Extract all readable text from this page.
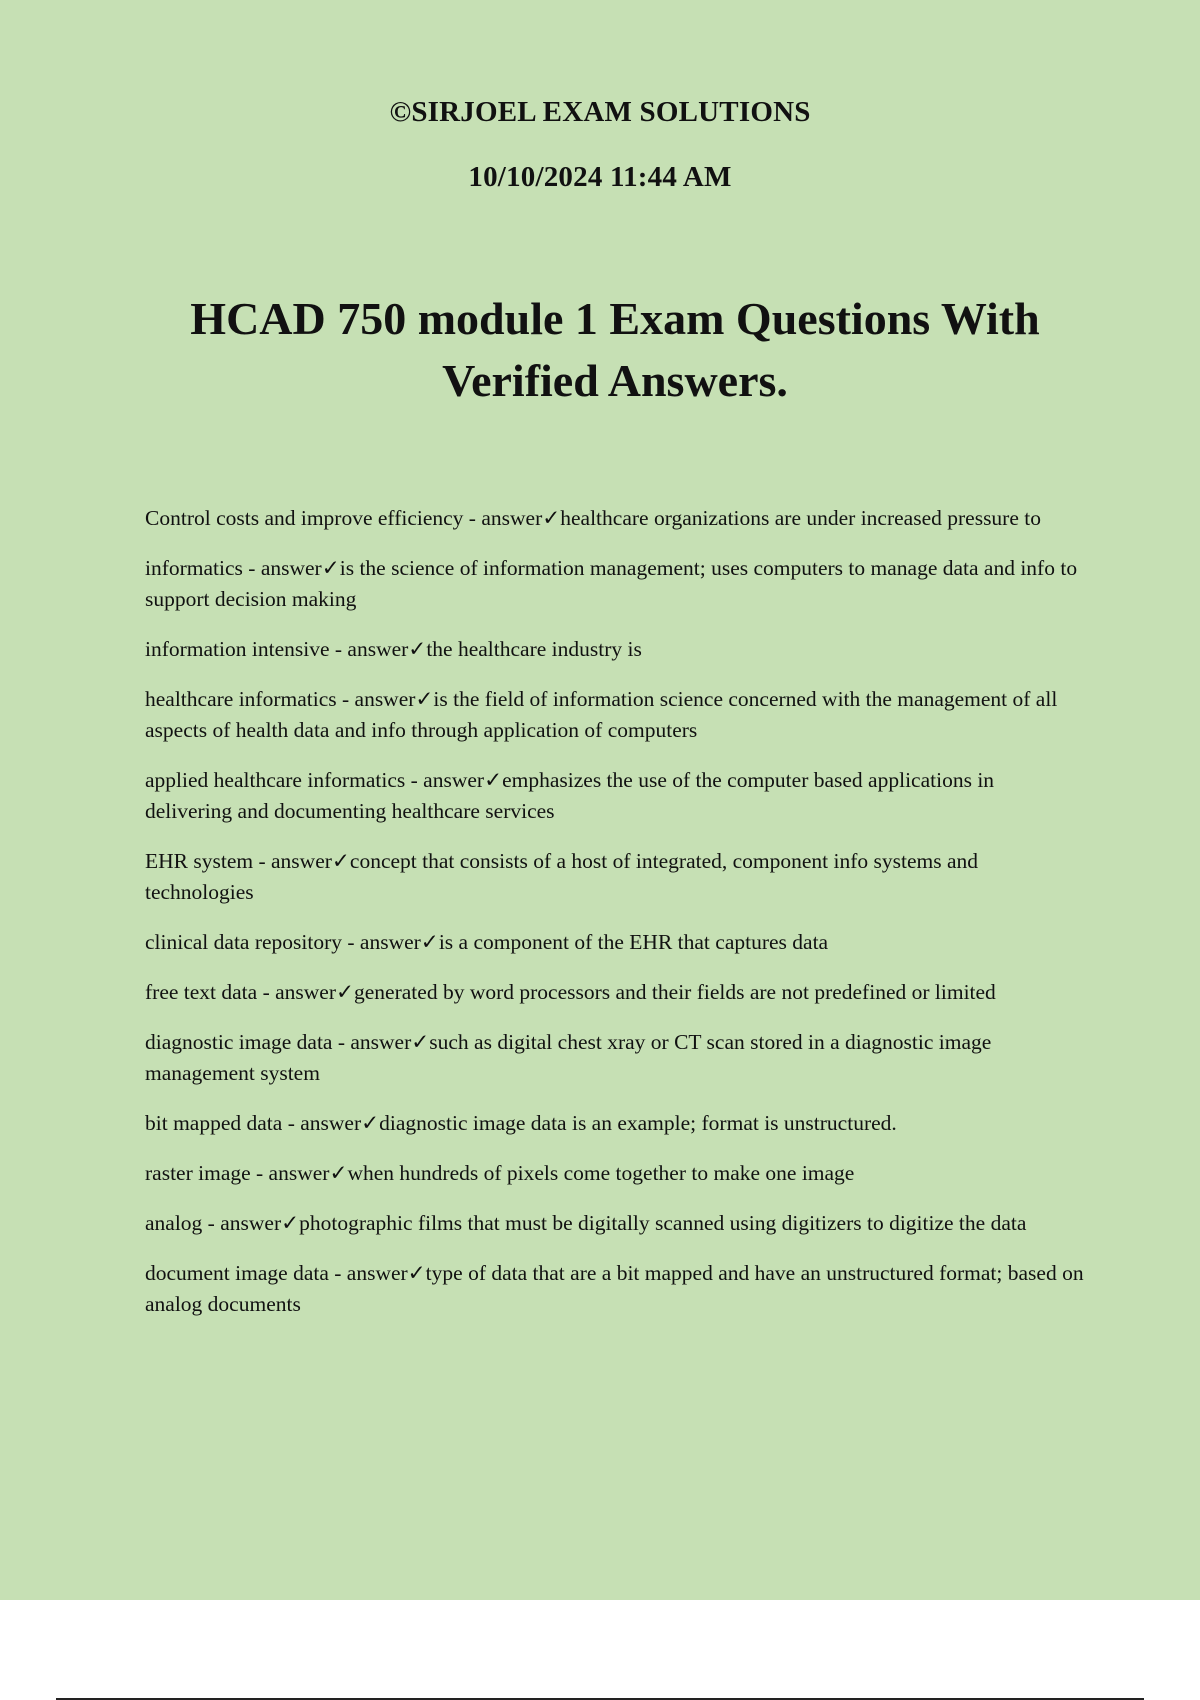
©SIRJOEL EXAM SOLUTIONS
10/10/2024 11:44 AM
HCAD 750 module 1 Exam Questions With Verified Answers.
Control costs and improve efficiency - answer✓healthcare organizations are under increased pressure to
informatics - answer✓is the science of information management; uses computers to manage data and info to support decision making
information intensive - answer✓the healthcare industry is
healthcare informatics - answer✓is the field of information science concerned with the management of all aspects of health data and info through application of computers
applied healthcare informatics - answer✓emphasizes the use of the computer based applications in delivering and documenting healthcare services
EHR system - answer✓concept that consists of a host of integrated, component info systems and technologies
clinical data repository - answer✓is a component of the EHR that captures data
free text data - answer✓generated by word processors and their fields are not predefined or limited
diagnostic image data - answer✓such as digital chest xray or CT scan stored in a diagnostic image management system
bit mapped data - answer✓diagnostic image data is an example; format is unstructured.
raster image - answer✓when hundreds of pixels come together to make one image
analog - answer✓photographic films that must be digitally scanned using digitizers to digitize the data
document image data - answer✓type of data that are a bit mapped and have an unstructured format; based on analog documents
